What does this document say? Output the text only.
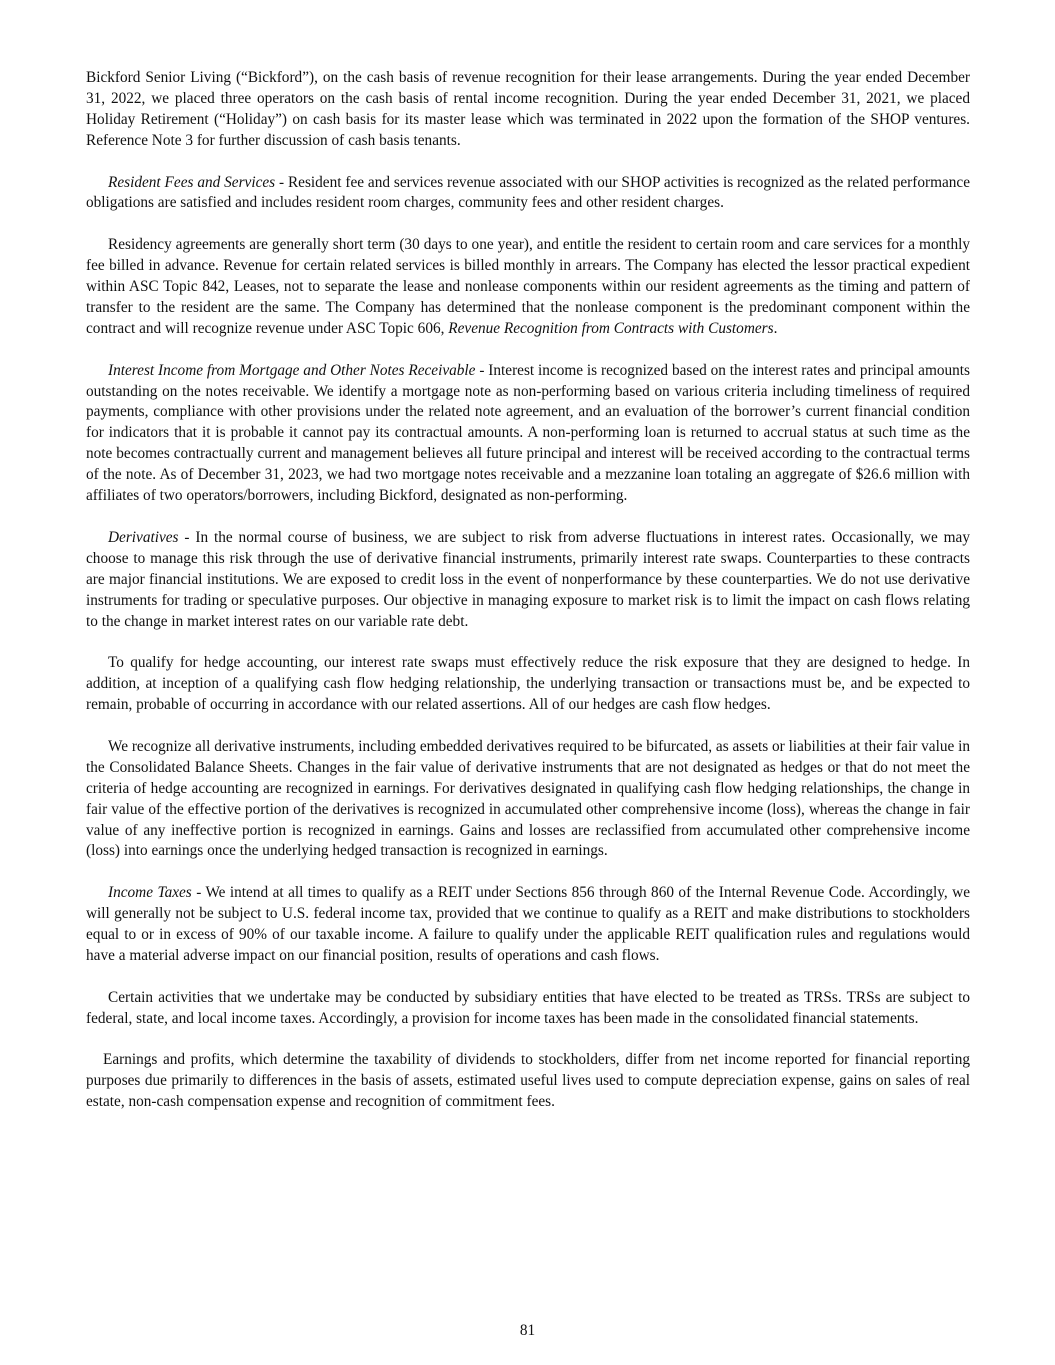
Bickford Senior Living (“Bickford”), on the cash basis of revenue recognition for their lease arrangements. During the year ended December 31, 2022, we placed three operators on the cash basis of rental income recognition. During the year ended December 31, 2021, we placed Holiday Retirement (“Holiday”) on cash basis for its master lease which was terminated in 2022 upon the formation of the SHOP ventures. Reference Note 3 for further discussion of cash basis tenants.

Resident Fees and Services - Resident fee and services revenue associated with our SHOP activities is recognized as the related performance obligations are satisfied and includes resident room charges, community fees and other resident charges.

Residency agreements are generally short term (30 days to one year), and entitle the resident to certain room and care services for a monthly fee billed in advance. Revenue for certain related services is billed monthly in arrears. The Company has elected the lessor practical expedient within ASC Topic 842, Leases, not to separate the lease and nonlease components within our resident agreements as the timing and pattern of transfer to the resident are the same. The Company has determined that the nonlease component is the predominant component within the contract and will recognize revenue under ASC Topic 606, Revenue Recognition from Contracts with Customers.

Interest Income from Mortgage and Other Notes Receivable - Interest income is recognized based on the interest rates and principal amounts outstanding on the notes receivable. We identify a mortgage note as non-performing based on various criteria including timeliness of required payments, compliance with other provisions under the related note agreement, and an evaluation of the borrower’s current financial condition for indicators that it is probable it cannot pay its contractual amounts. A non-performing loan is returned to accrual status at such time as the note becomes contractually current and management believes all future principal and interest will be received according to the contractual terms of the note. As of December 31, 2023, we had two mortgage notes receivable and a mezzanine loan totaling an aggregate of $26.6 million with affiliates of two operators/borrowers, including Bickford, designated as non-performing.

Derivatives - In the normal course of business, we are subject to risk from adverse fluctuations in interest rates. Occasionally, we may choose to manage this risk through the use of derivative financial instruments, primarily interest rate swaps. Counterparties to these contracts are major financial institutions. We are exposed to credit loss in the event of nonperformance by these counterparties. We do not use derivative instruments for trading or speculative purposes. Our objective in managing exposure to market risk is to limit the impact on cash flows relating to the change in market interest rates on our variable rate debt.

To qualify for hedge accounting, our interest rate swaps must effectively reduce the risk exposure that they are designed to hedge. In addition, at inception of a qualifying cash flow hedging relationship, the underlying transaction or transactions must be, and be expected to remain, probable of occurring in accordance with our related assertions. All of our hedges are cash flow hedges.

We recognize all derivative instruments, including embedded derivatives required to be bifurcated, as assets or liabilities at their fair value in the Consolidated Balance Sheets. Changes in the fair value of derivative instruments that are not designated as hedges or that do not meet the criteria of hedge accounting are recognized in earnings. For derivatives designated in qualifying cash flow hedging relationships, the change in fair value of the effective portion of the derivatives is recognized in accumulated other comprehensive income (loss), whereas the change in fair value of any ineffective portion is recognized in earnings. Gains and losses are reclassified from accumulated other comprehensive income (loss) into earnings once the underlying hedged transaction is recognized in earnings.

Income Taxes - We intend at all times to qualify as a REIT under Sections 856 through 860 of the Internal Revenue Code. Accordingly, we will generally not be subject to U.S. federal income tax, provided that we continue to qualify as a REIT and make distributions to stockholders equal to or in excess of 90% of our taxable income. A failure to qualify under the applicable REIT qualification rules and regulations would have a material adverse impact on our financial position, results of operations and cash flows.

Certain activities that we undertake may be conducted by subsidiary entities that have elected to be treated as TRSs. TRSs are subject to federal, state, and local income taxes. Accordingly, a provision for income taxes has been made in the consolidated financial statements.

Earnings and profits, which determine the taxability of dividends to stockholders, differ from net income reported for financial reporting purposes due primarily to differences in the basis of assets, estimated useful lives used to compute depreciation expense, gains on sales of real estate, non-cash compensation expense and recognition of commitment fees.

81
